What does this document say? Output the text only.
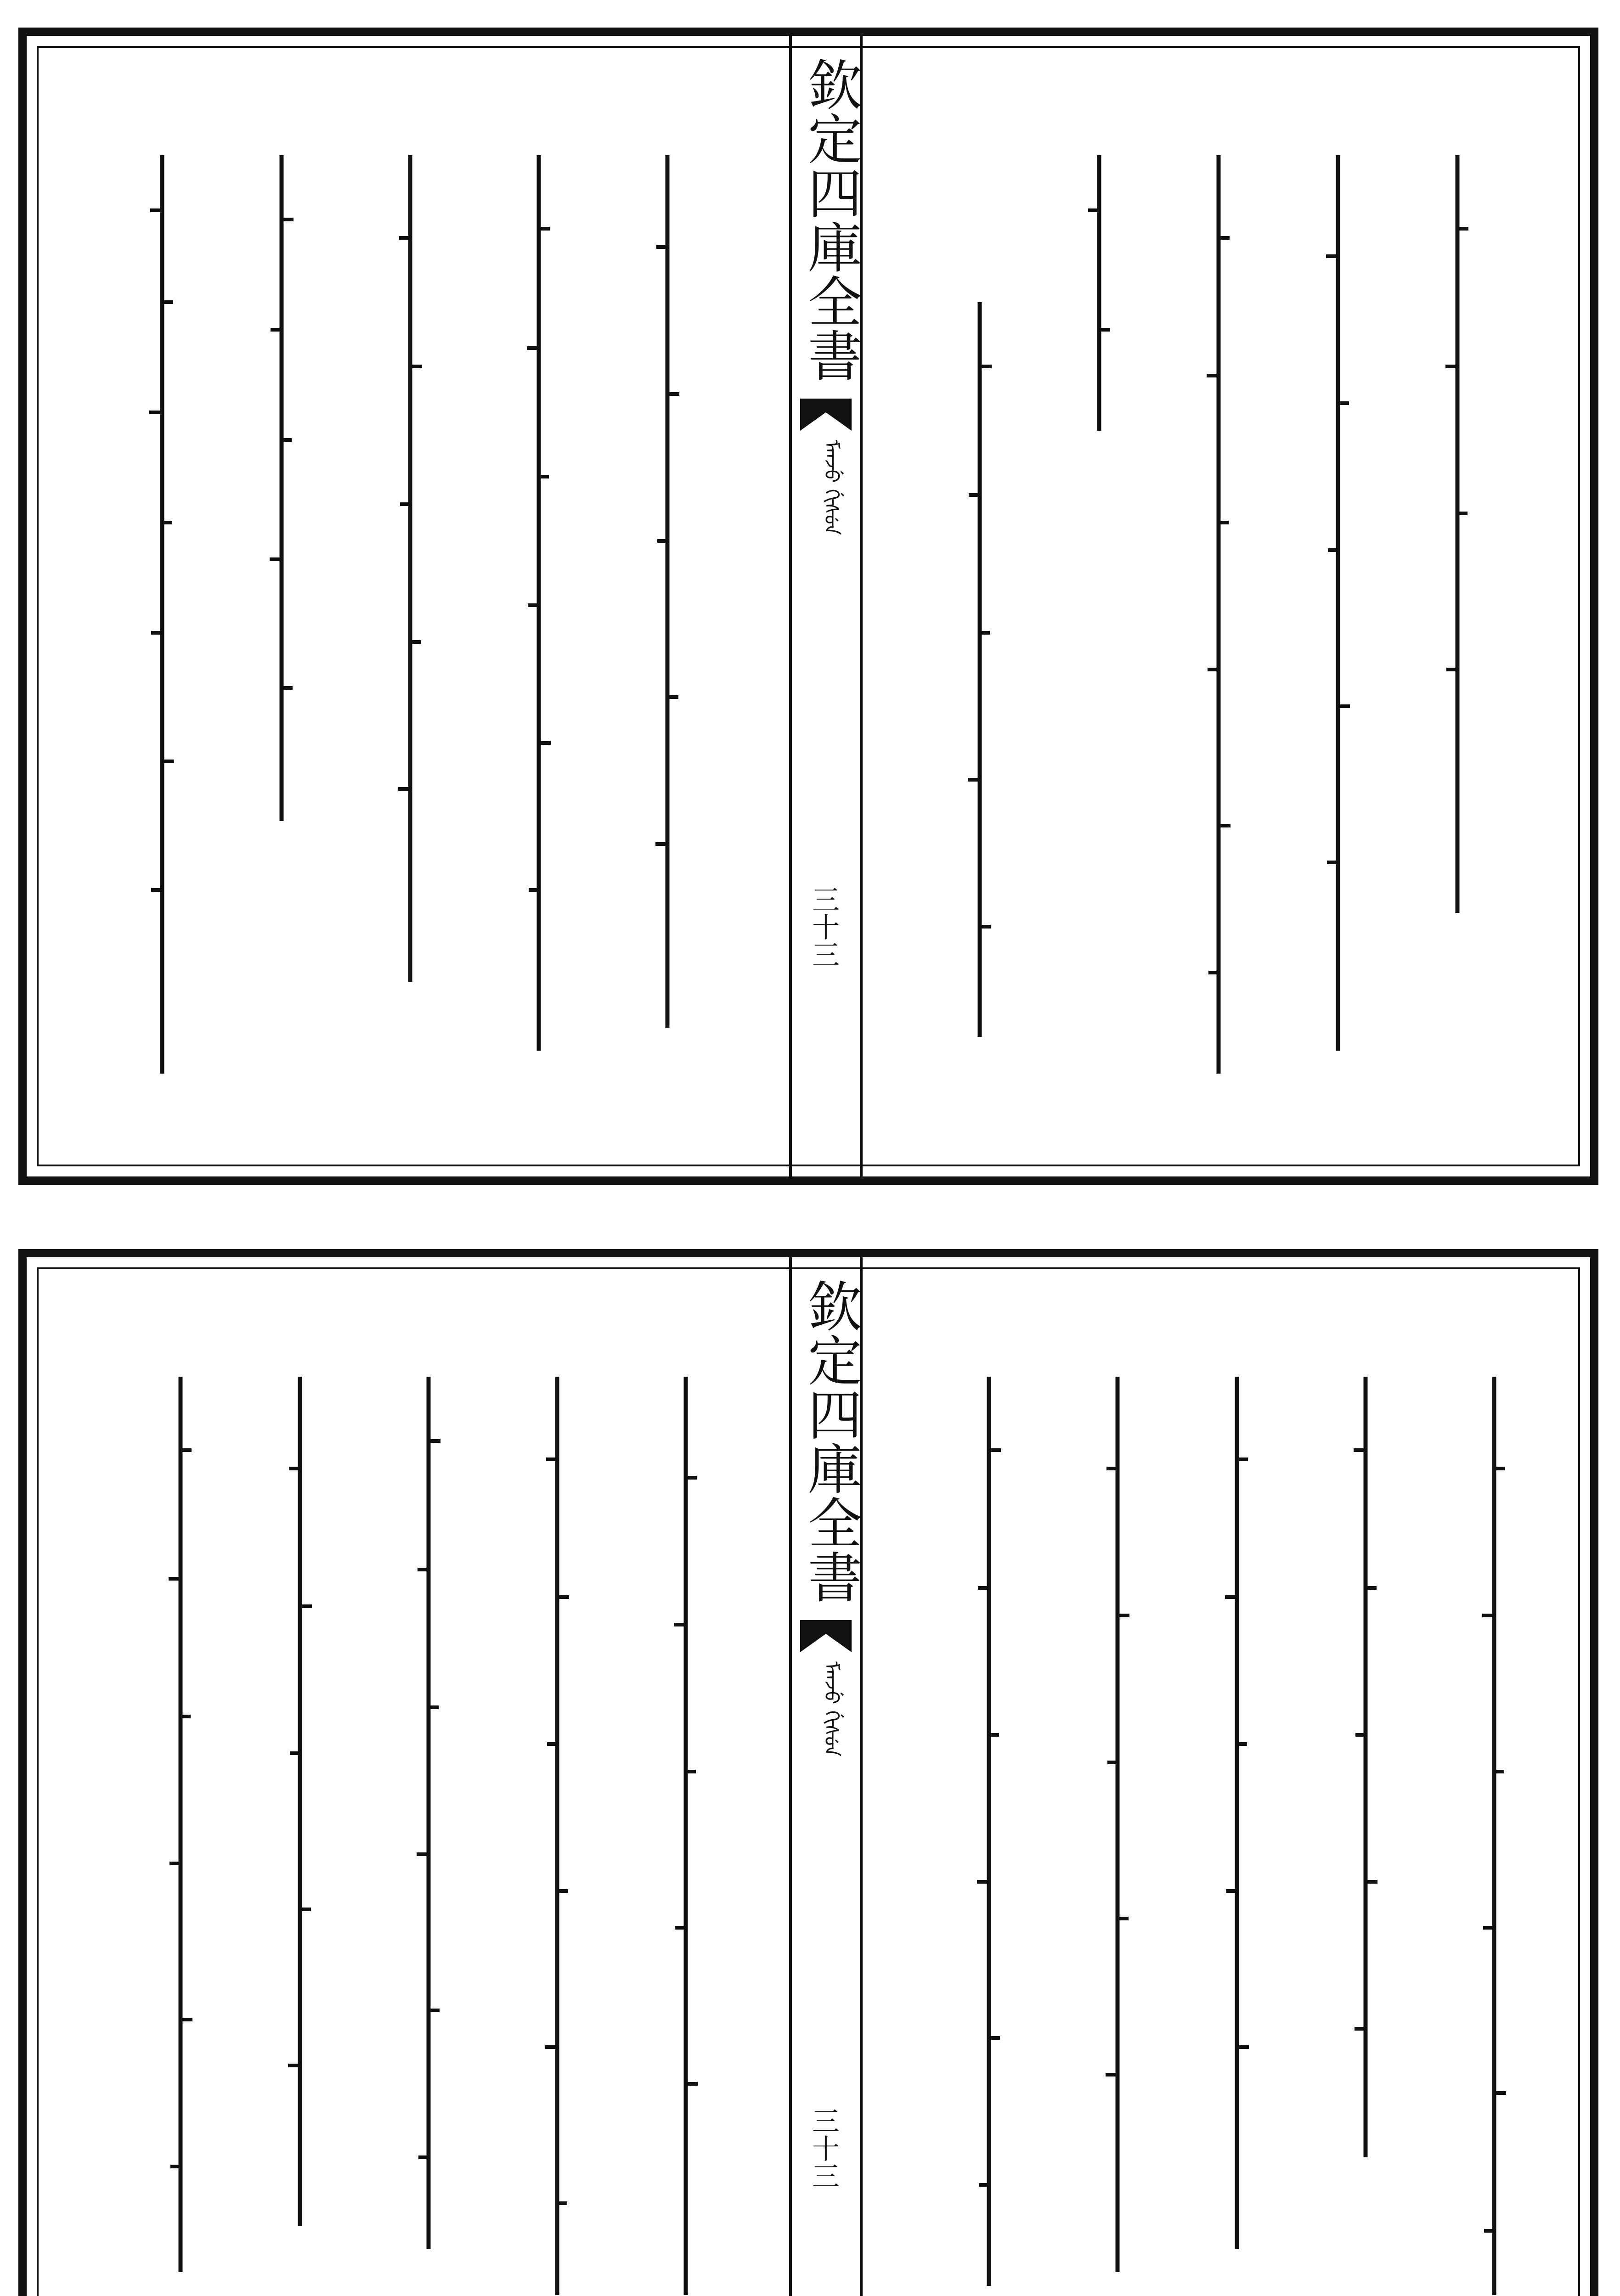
欽定四庫全書
ᠮᠠᠨᠵᡠ ᡤᡳᠰᡠᠨ
三十三
欽定四庫全書
ᠮᠠᠨᠵᡠ ᡤᡳᠰᡠᠨ
三十三
